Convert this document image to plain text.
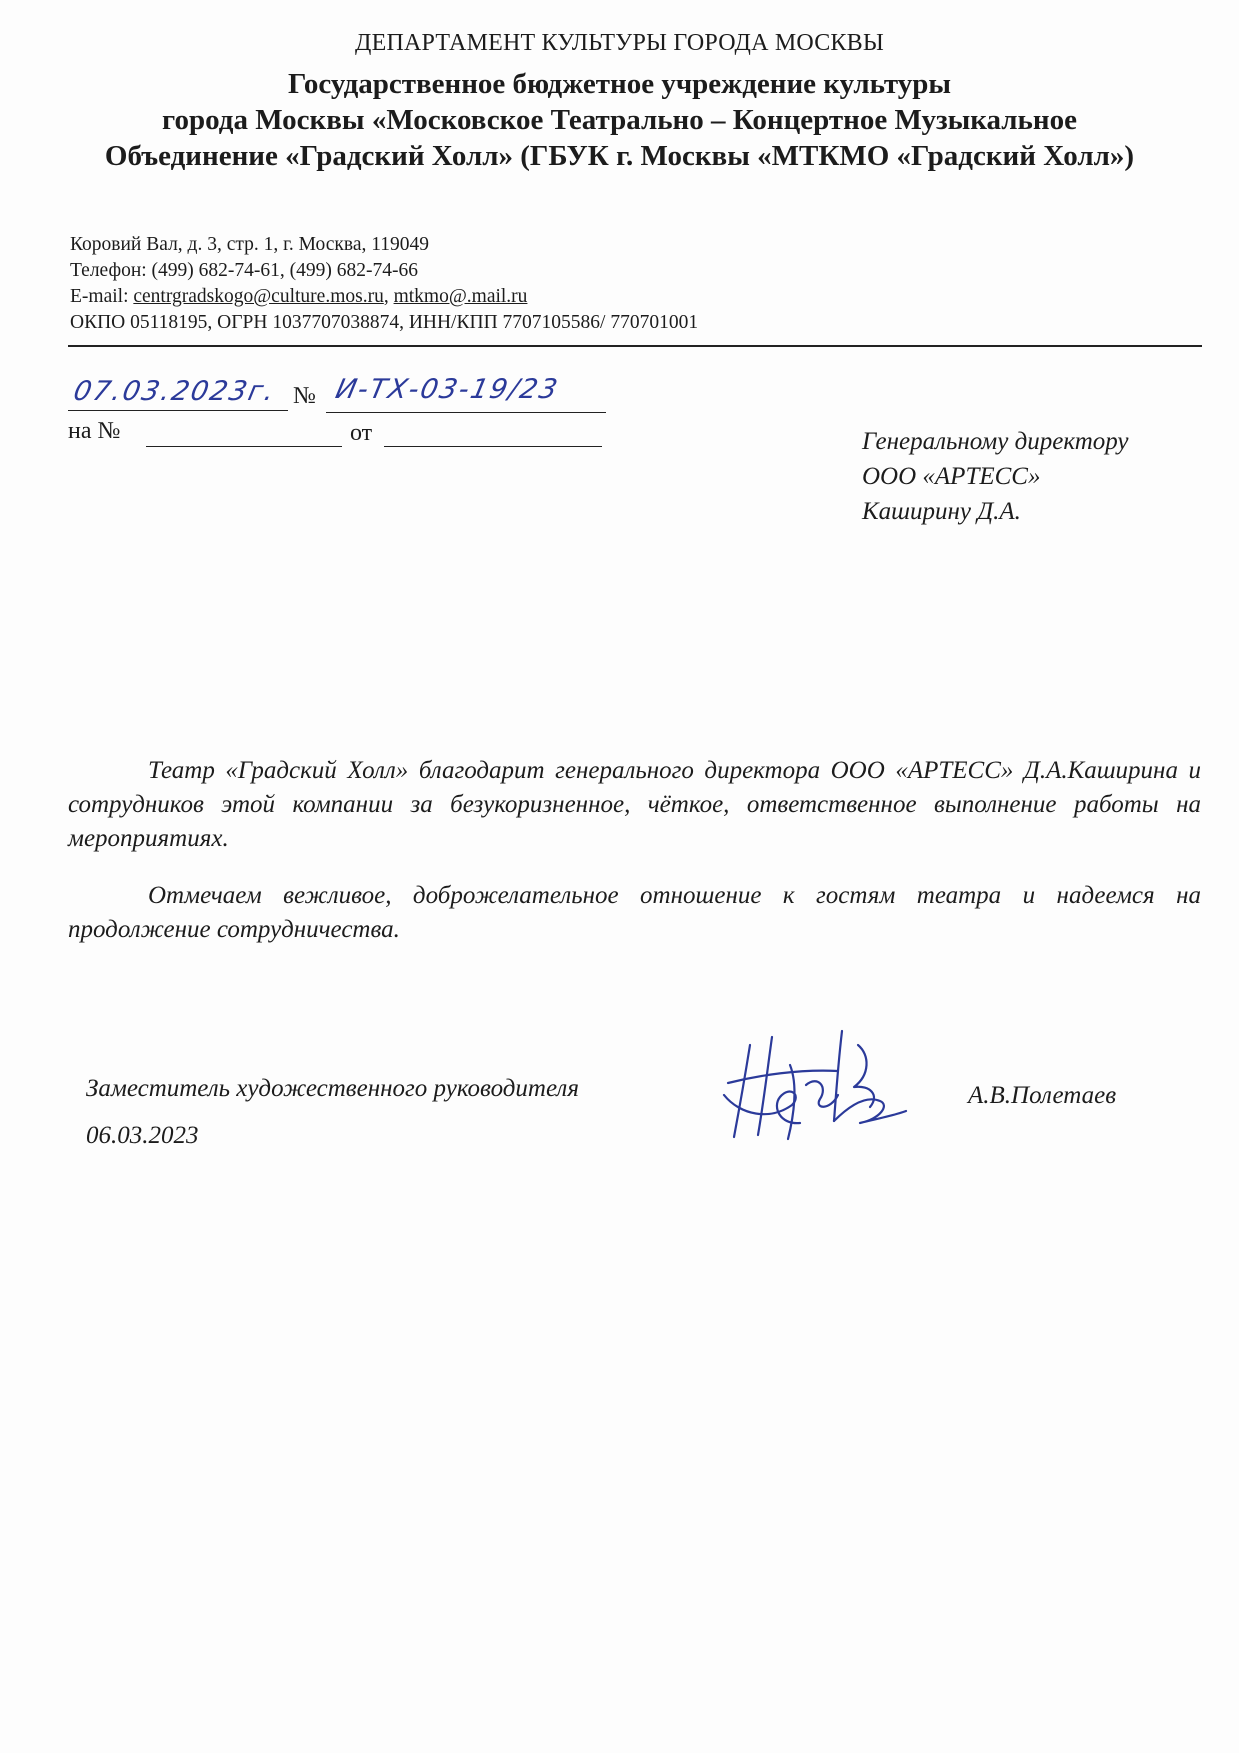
ДЕПАРТАМЕНТ КУЛЬТУРЫ ГОРОДА МОСКВЫ
Государственное бюджетное учреждение культуры
города Москвы «Московское Театрально – Концертное Музыкальное
Объединение «Градский Холл» (ГБУК г. Москвы «МТКМО «Градский Холл»)
Коровий Вал, д. 3, стр. 1, г. Москва, 119049
Телефон: (499) 682-74-61, (499) 682-74-66
E-mail: centrgradskogo@culture.mos.ru, mtkmo@.mail.ru
ОКПО 05118195, ОГРН 1037707038874, ИНН/КПП 7707105586/ 770701001
07.03.2023г. № И-ТХ-03-19/23
на №	от	Генеральному директору
ООО «АРТЕСС»
Каширину Д.А.

Театр «Градский Холл» благодарит генерального директора ООО «АРТЕСС» Д.А.Каширина и сотрудников этой компании за безукоризненное, чёткое, ответственное выполнение работы на мероприятиях.

Отмечаем вежливое, доброжелательное отношение к гостям театра и надеемся на продолжение сотрудничества.

Заместитель художественного руководителя
06.03.2023
А.В.Полетаев
